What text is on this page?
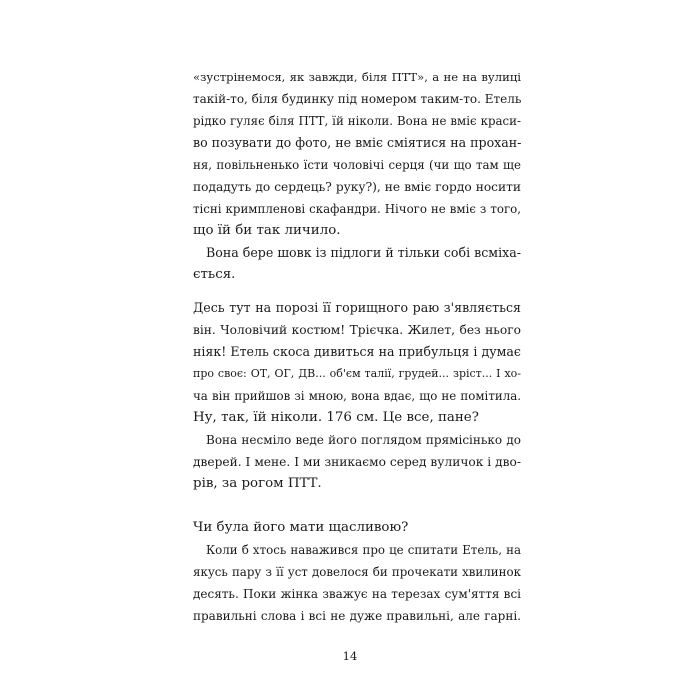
«зустрінемося, як завжди, біля ПТТ», а не на вулиці
такій-то, біля будинку під номером таким-то. Етель
рідко гуляє біля ПТТ, їй ніколи. Вона не вміє краси-
во позувати до фото, не вміє сміятися на прохан-
ня, повільненько їсти чоловічі серця (чи що там ще
подадуть до сердець? руку?), не вміє гордо носити
тісні кримпленові скафандри. Нічого не вміє з того,
що їй би так личило.
Вона бере шовк із підлоги й тільки собі всміха-
ється.
Десь тут на порозі її горищного раю з'являється
він. Чоловічий костюм! Трієчка. Жилет, без нього
ніяк! Етель скоса дивиться на прибульця і думає
про своє: ОТ, ОГ, ДВ... об'єм талії, грудей... зріст... І хо-
ча він прийшов зі мною, вона вдає, що не помітила.
Ну, так, їй ніколи. 176 см. Це все, пане?
Вона несміло веде його поглядом прямісінько до
дверей. І мене. І ми зникаємо серед вуличок і дво-
рів, за рогом ПТТ.
Чи була його мати щасливою?
Коли б хтось наважився про це спитати Етель, на
якусь пару з її уст довелося би прочекати хвилинок
десять. Поки жінка зважує на терезах сум'яття всі
правильні слова і всі не дуже правильні, але гарні.
14
